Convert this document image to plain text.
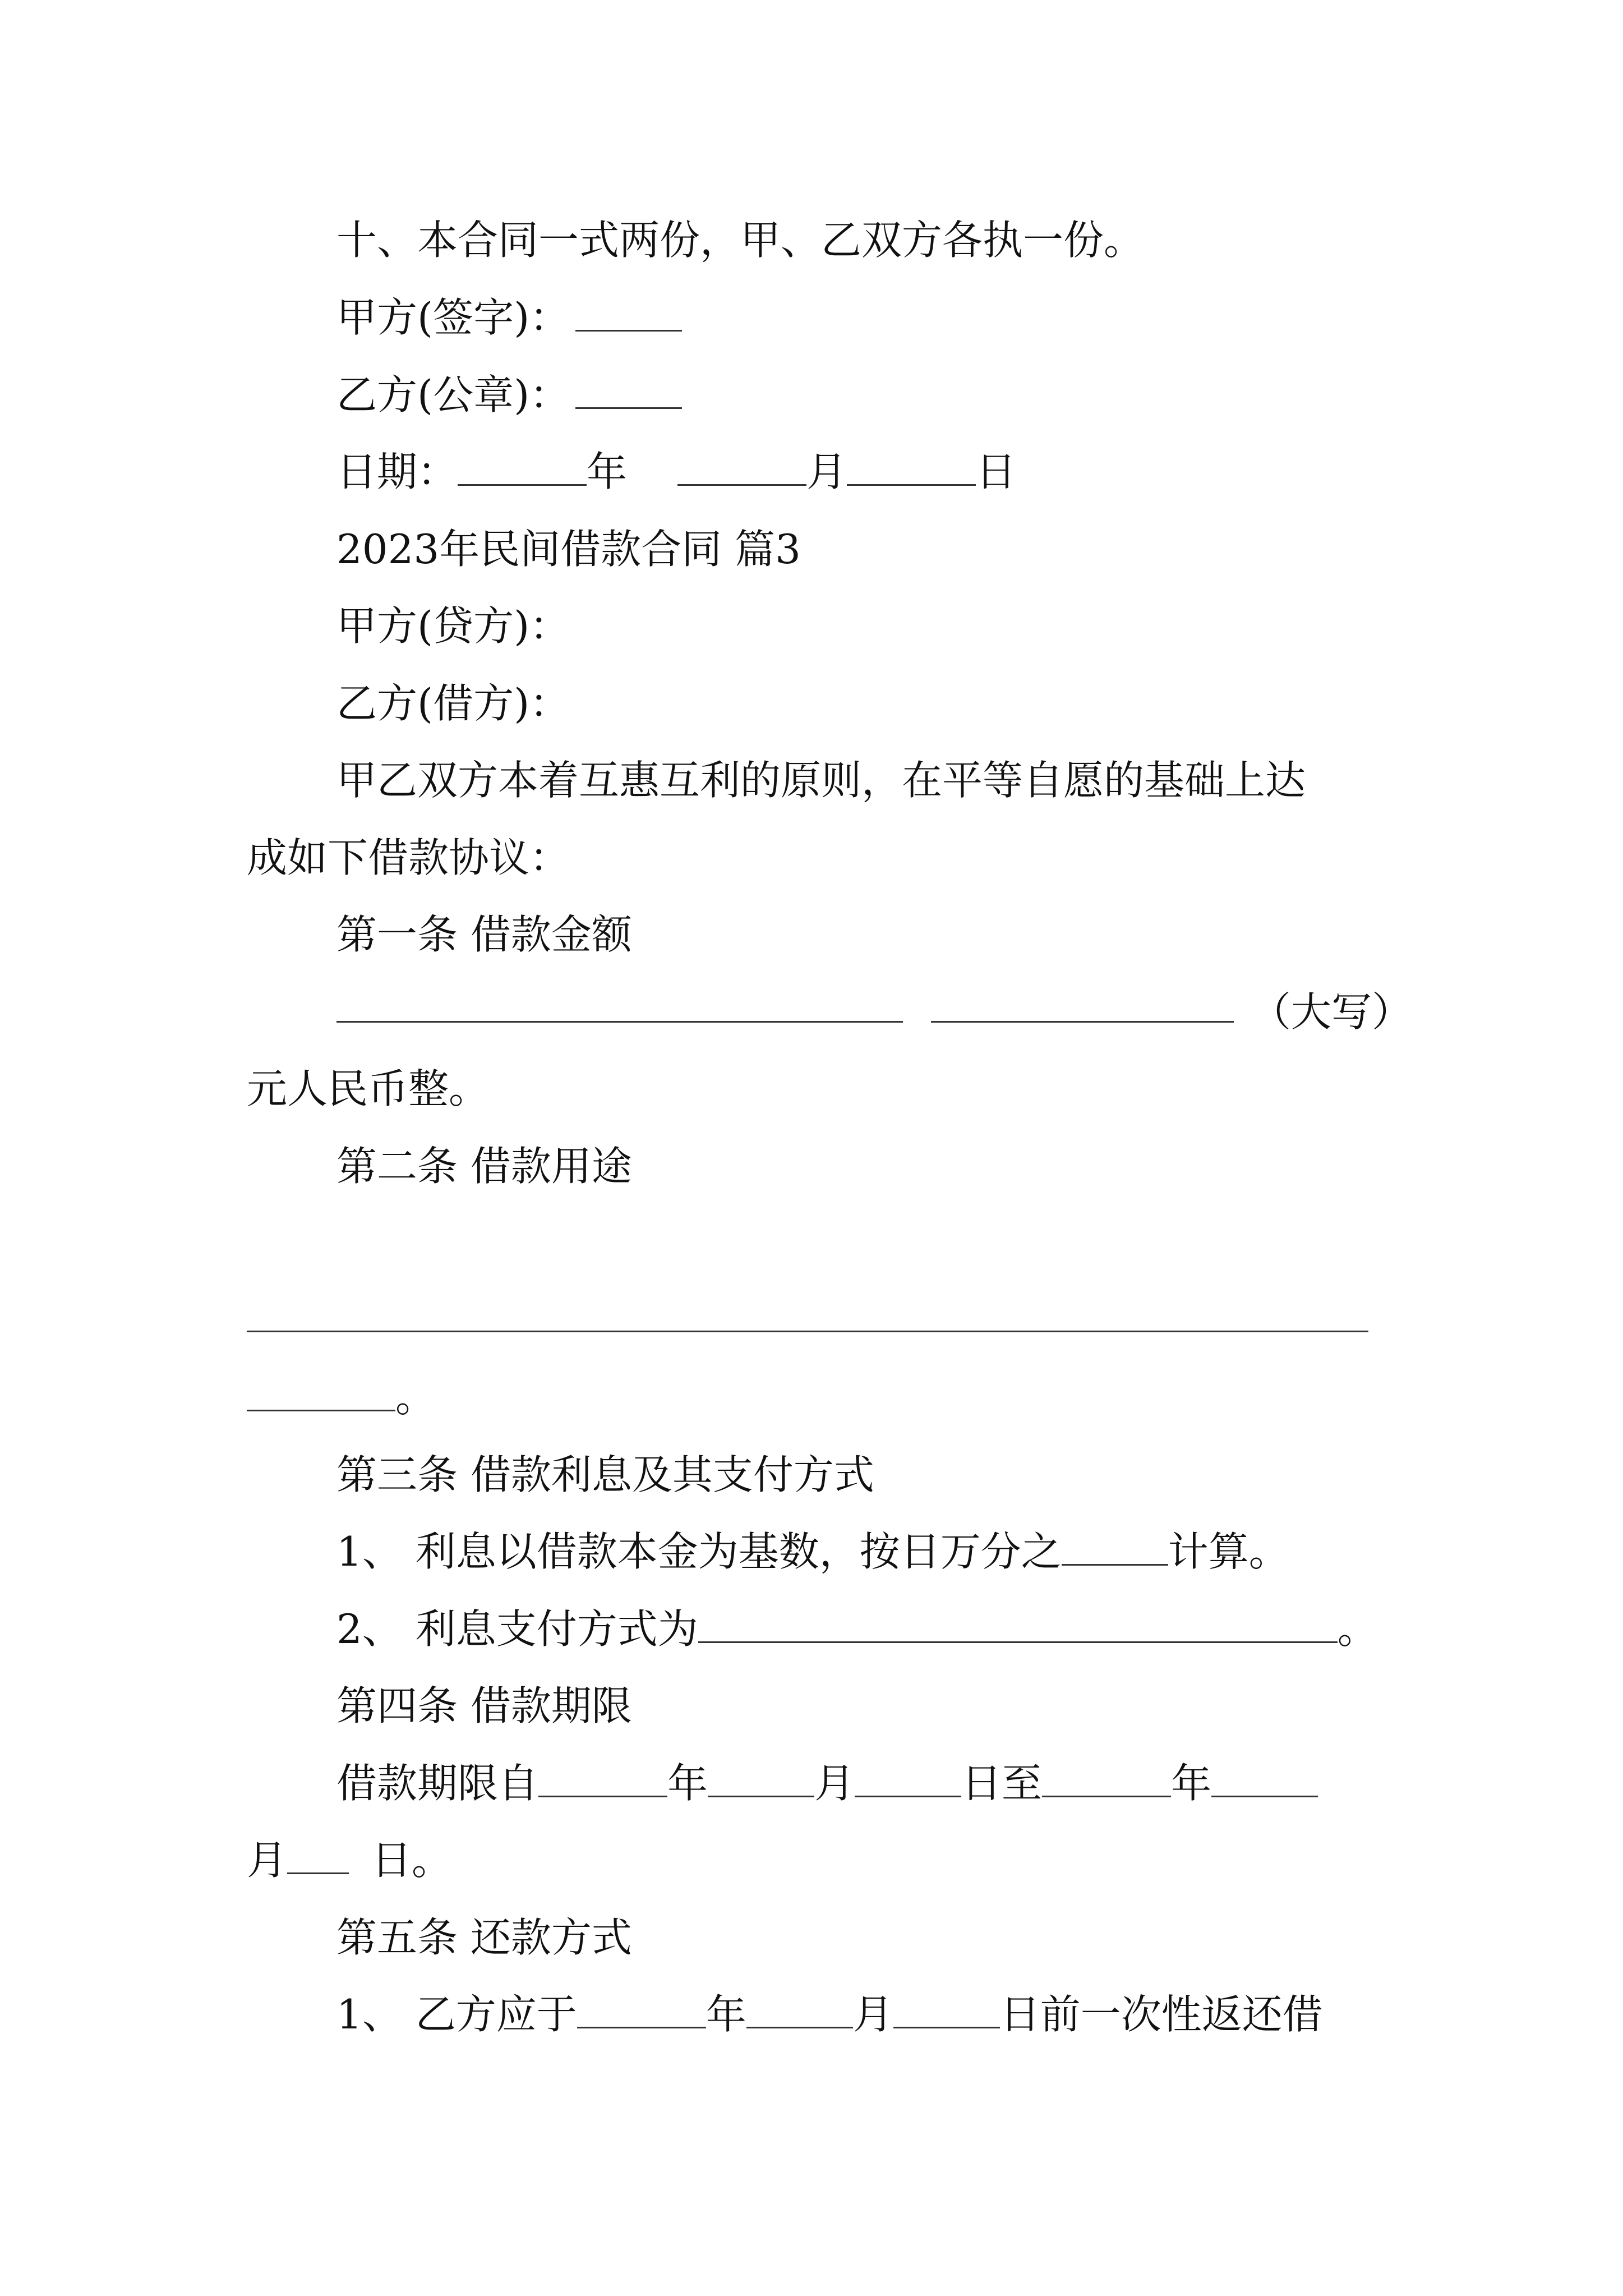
十、本合同一式两份，甲、乙双方各执一份。
甲方(签字)：
乙方(公章)：
日期：	年	月	日
2023年民间借款合同 篇3
甲方(贷方)：
乙方(借方)：
甲乙双方本着互惠互利的原则，在平等自愿的基础上达
成如下借款协议：
第一条 借款金额
（大写）
元人民币整。
第二条 借款用途
。
第三条 借款利息及其支付方式
1、 利息以借款本金为基数，按日万分之	计算。
2、 利息支付方式为	。
第四条 借款期限
借款期限自	年	月	日至	年
月 日。
第五条 还款方式
1、 乙方应于	年	月	日前一次性返还借
